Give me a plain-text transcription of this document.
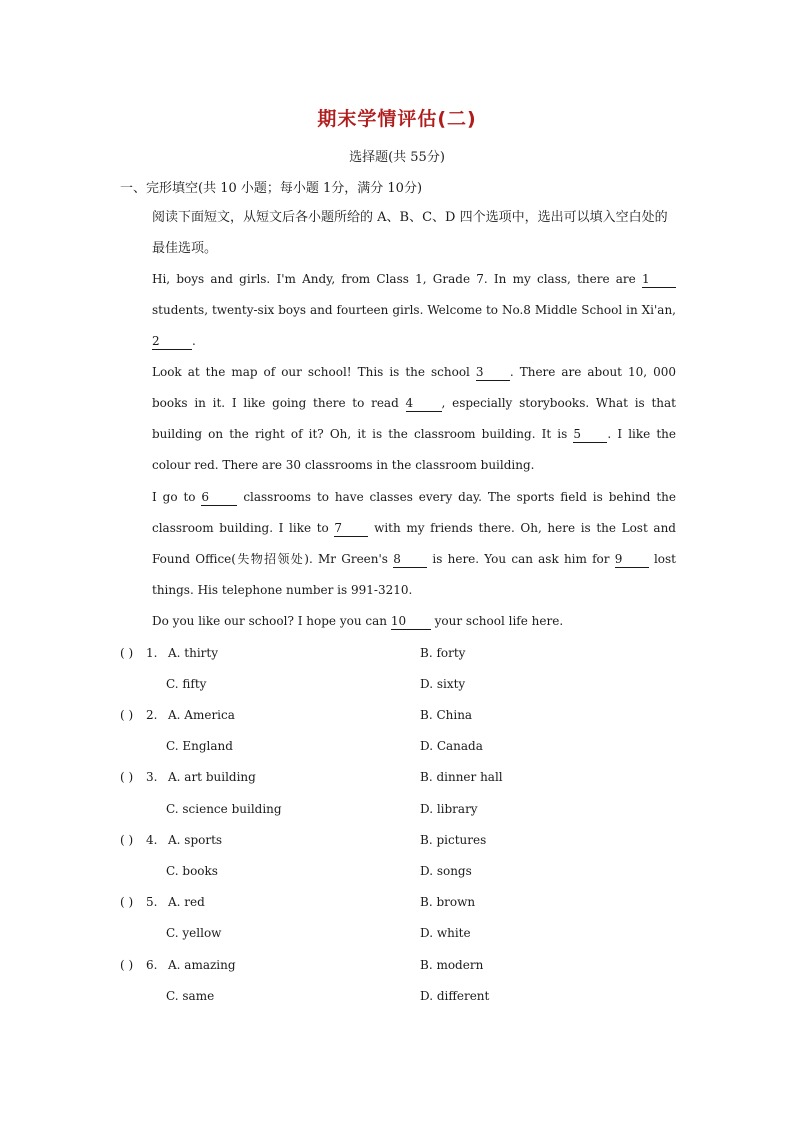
期末学情评估(二)
选择题(共 55分)
一、完形填空(共 10 小题；每小题 1分，满分 10分)
阅读下面短文，从短文后各小题所给的 A、B、C、D 四个选项中，选出可以填入空白处的最佳选项。
Hi, boys and girls. I'm Andy, from Class 1, Grade 7. In my class, there are 1 students, twenty-six boys and fourteen girls. Welcome to No.8 Middle School in Xi'an, 2	.
Look at the map of our school! This is the school 3 . There are about 10, 000 books in it. I like going there to read 4 , especially storybooks. What is that building on the right of it? Oh, it is the classroom building. It is 5 . I like the colour red. There are 30 classrooms in the classroom building.
I go to 6	classrooms to have classes every day. The sports field is behind the classroom building. I like to 7	with my friends there. Oh, here is the Lost and Found Office(失物招领处). Mr Green's 8	is here. You can ask him for 9	lost things. His telephone number is 991-3210.
Do you like our school? I hope you can 10 your school life here.
( ) 1. A. thirty	B. forty
C. fifty	D. sixty
( ) 2. A. America	B. China
C. England	D. Canada
( ) 3. A. art building	B. dinner hall
C. science building	D. library
( ) 4. A. sports	B. pictures
C. books	D. songs
( ) 5. A. red	B. brown
C. yellow	D. white
( ) 6. A. amazing	B. modern
C. same	D. different
